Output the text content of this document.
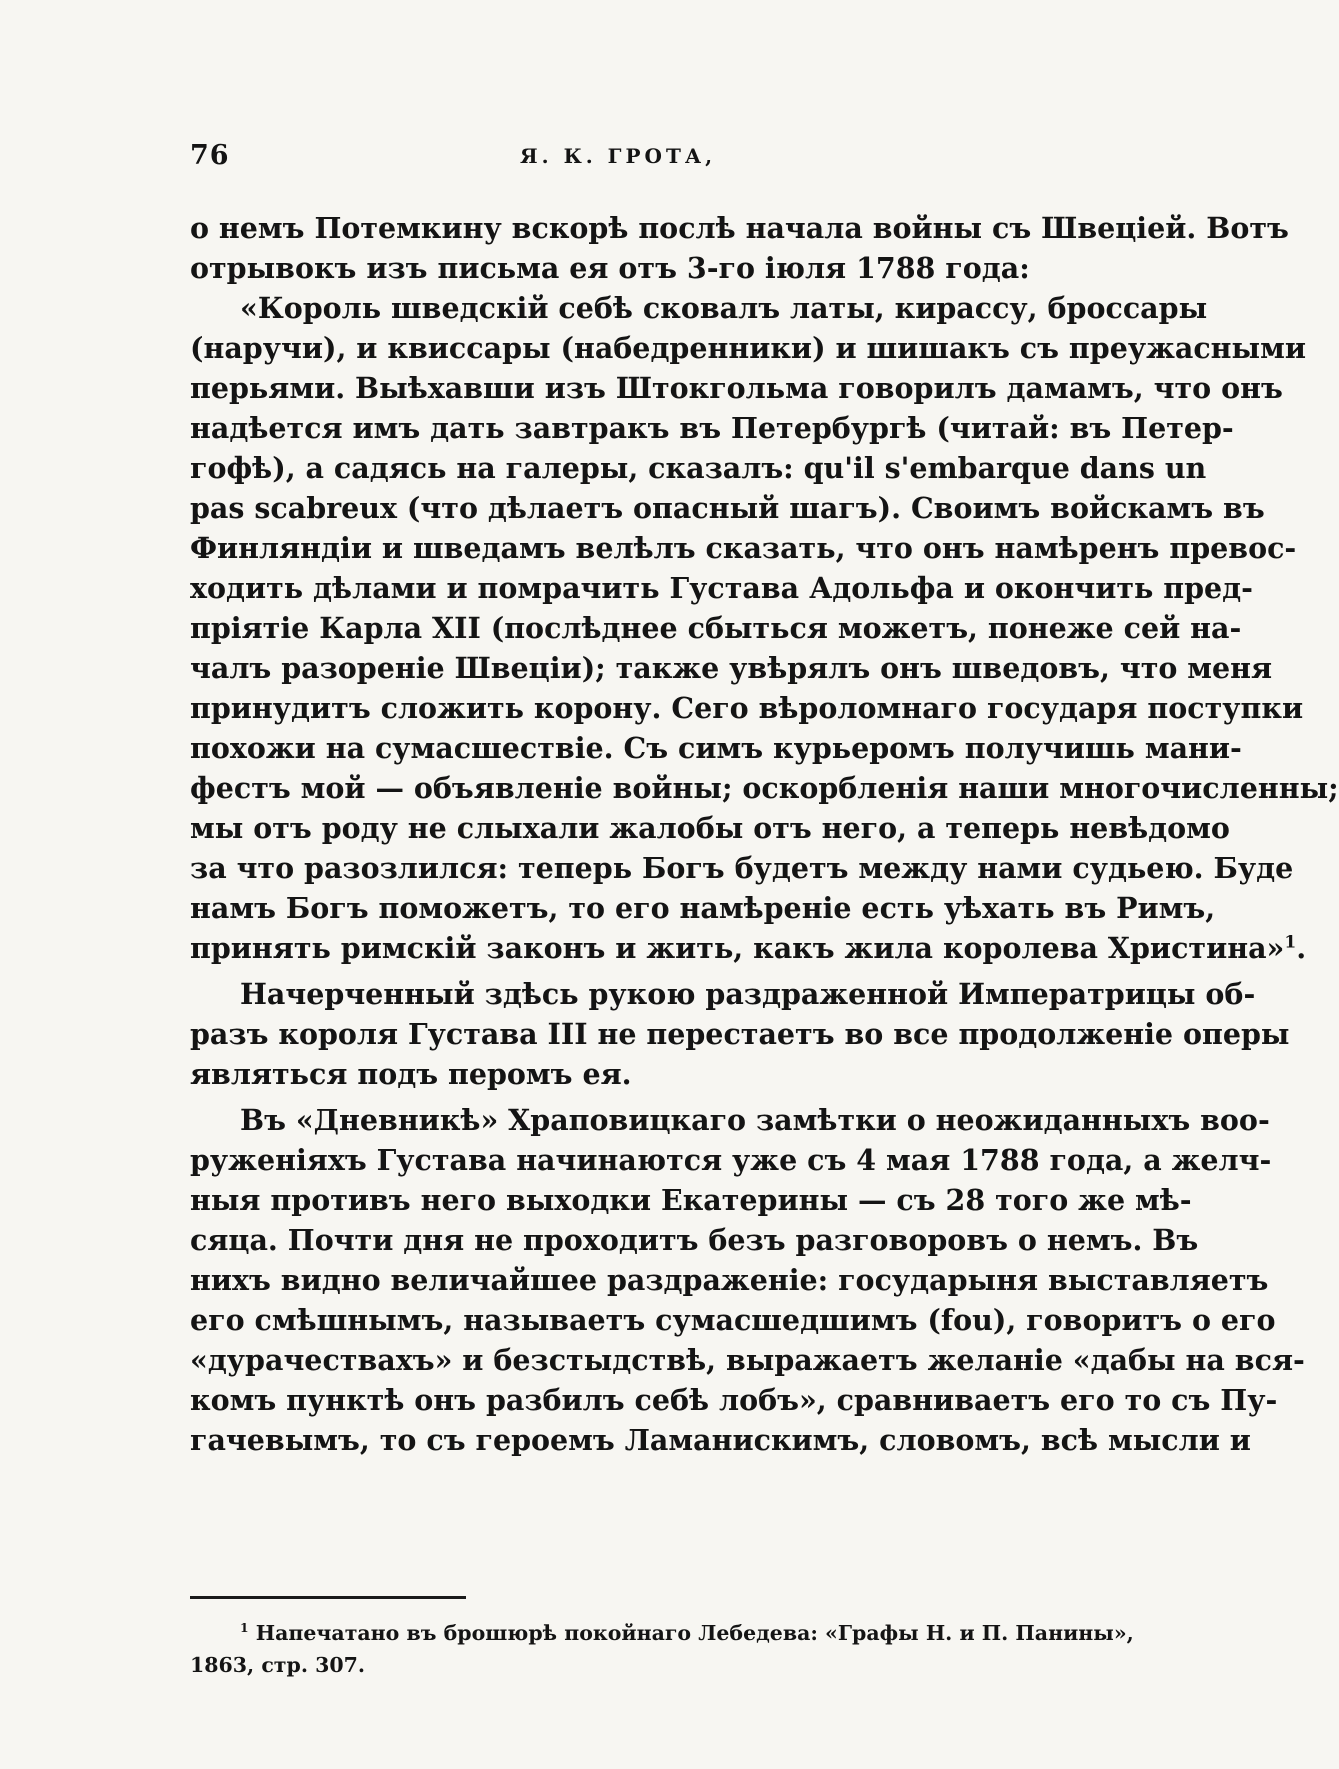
76	Я. К. ГРОТА,
о немъ Потемкину вскорѣ послѣ начала войны съ Швеціей. Вотъ
отрывокъ изъ письма ея отъ 3-го іюля 1788 года:
«Король шведскій себѣ сковалъ латы, кирассу, броссары
(наручи), и квиссары (набедренники) и шишакъ съ преужасными
перьями. Выѣхавши изъ Штокгольма говорилъ дамамъ, что онъ
надѣется имъ дать завтракъ въ Петербургѣ (читай: въ Петер-
гофѣ), а садясь на галеры, сказалъ: qu'il s'embarque dans un
pas scabreux (что дѣлаетъ опасный шагъ). Своимъ войскамъ въ
Финляндіи и шведамъ велѣлъ сказать, что онъ намѣренъ превос-
ходить дѣлами и помрачить Густава Адольфа и окончить пред-
пріятіе Карла XII (послѣднее сбыться можетъ, понеже сей на-
чалъ разореніе Швеціи); также увѣрялъ онъ шведовъ, что меня
принудитъ сложить корону. Сего вѣроломнаго государя поступки
похожи на сумасшествіе. Съ симъ курьеромъ получишь мани-
фестъ мой — объявленіе войны; оскорбленія наши многочисленны;
мы отъ роду не слыхали жалобы отъ него, а теперь невѣдомо
за что разозлился: теперь Богъ будетъ между нами судьею. Буде
намъ Богъ поможетъ, то его намѣреніе есть уѣхать въ Римъ,
принять римскій законъ и жить, какъ жила королева Христина»$^1$.
Начерченный здѣсь рукою раздраженной Императрицы об-
разъ короля Густава III не перестаетъ во все продолженіе оперы
являться подъ перомъ ея.
Въ «Дневникѣ» Храповицкаго замѣтки о неожиданныхъ воо-
руженіяхъ Густава начинаются уже съ 4 мая 1788 года, а желч-
ныя противъ него выходки Екатерины — съ 28 того же мѣ-
сяца. Почти дня не проходитъ безъ разговоровъ о немъ. Въ
нихъ видно величайшее раздраженіе: государыня выставляетъ
его смѣшнымъ, называетъ сумасшедшимъ (fou), говоритъ о его
«дурачествахъ» и безстыдствѣ, выражаетъ желаніе «дабы на вся-
комъ пунктѣ онъ разбилъ себѣ лобъ», сравниваетъ его то съ Пу-
гачевымъ, то съ героемъ Ламанискимъ, словомъ, всѣ мысли и
$^1$ Напечатано въ брошюрѣ покойнаго Лебедева: «Графы Н. и П. Панины»,
1863, стр. 307.
